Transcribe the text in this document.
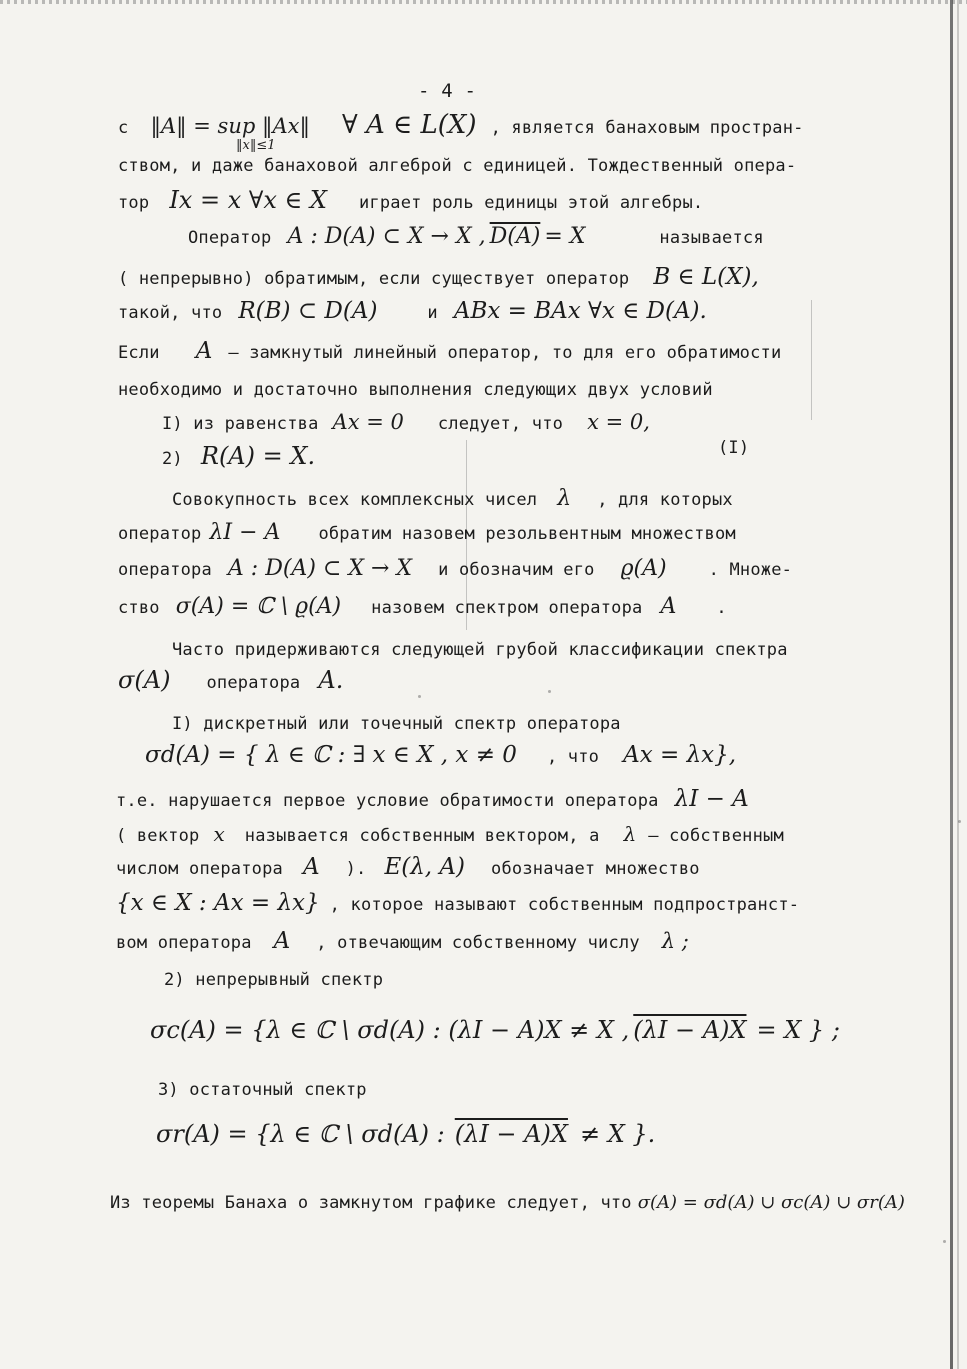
- 4 -
с ‖A‖ = sup ‖Ax‖ ∀ A ∈ L(X) , является банаховым простран-
‖x‖≤1
ством, и даже банаховой алгеброй с единицей. Тождественный опера-
тор Ix = x ∀x ∈ X играет роль единицы этой алгебры.
Оператор A : D(A) ⊂ X → X , D(A) = X	называется
( непрерывно) обратимым, если существует оператор B ∈ L(X),
такой, что R(B) ⊂ D(A)	и ABx = BAx ∀x ∈ D(A).
Если A – замкнутый линейный оператор, то для его обратимости
необходимо и достаточно выполнения следующих двух условий
I) из равенства Ax = 0 следует, что x = 0,
2) R(A) = X.	(I)
Совокупность всех комплексных чисел λ , для которых
оператор λI − A обратим назовем резольвентным множеством
оператора A : D(A) ⊂ X → X и обозначим его ϱ(A) . Множе-
ство σ(A) = ℂ \ ϱ(A) назовем спектром оператора A .
Часто придерживаются следующей грубой классификации спектра
σ(A) оператора A.
I) дискретный или точечный спектр оператора
σd(A) = { λ ∈ ℂ : ∃ x ∈ X , x ≠ 0 , что Ax = λx},
т.е. нарушается первое условие обратимости оператора λI − A
( вектор x называется собственным вектором, а λ – собственным
числом оператора A ). E(λ, A) обозначает множество
{x ∈ X : Ax = λx} , которое называют собственным подпространст-
вом оператора A , отвечающим собственному числу λ ;
2) непрерывный спектр
σc(A) = {λ ∈ ℂ \ σd(A) : (λI − A)X ≠ X , (λI − A)X = X } ;
3) остаточный спектр
σr(A) = {λ ∈ ℂ \ σd(A) : (λI − A)X ≠ X }.
Из теоремы Банаха о замкнутом графике следует, что σ(A) = σd(A) ∪ σc(A) ∪ σr(A)
